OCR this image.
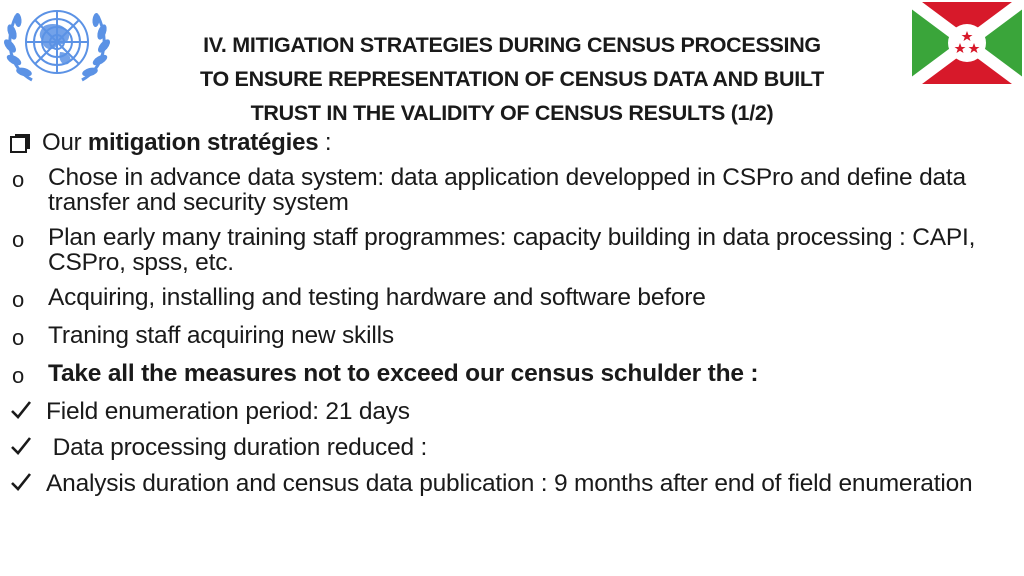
IV. MITIGATION STRATEGIES DURING CENSUS PROCESSING
TO ENSURE REPRESENTATION OF CENSUS DATA AND BUILT
TRUST IN THE VALIDITY OF CENSUS RESULTS (1/2)
Our mitigation stratégies :
o Chose in advance data system: data application developped in CSPro and define data transfer and security system
o Plan early many training staff programmes: capacity building in data processing : CAPI, CSPro, spss, etc.
o Acquiring, installing and testing hardware and software before
o Traning staff acquiring new skills
o Take all the measures not to exceed our census schulder the :
Field enumeration period: 21 days
Data processing duration reduced :
Analysis duration and census data publication : 9 months after end of field enumeration
